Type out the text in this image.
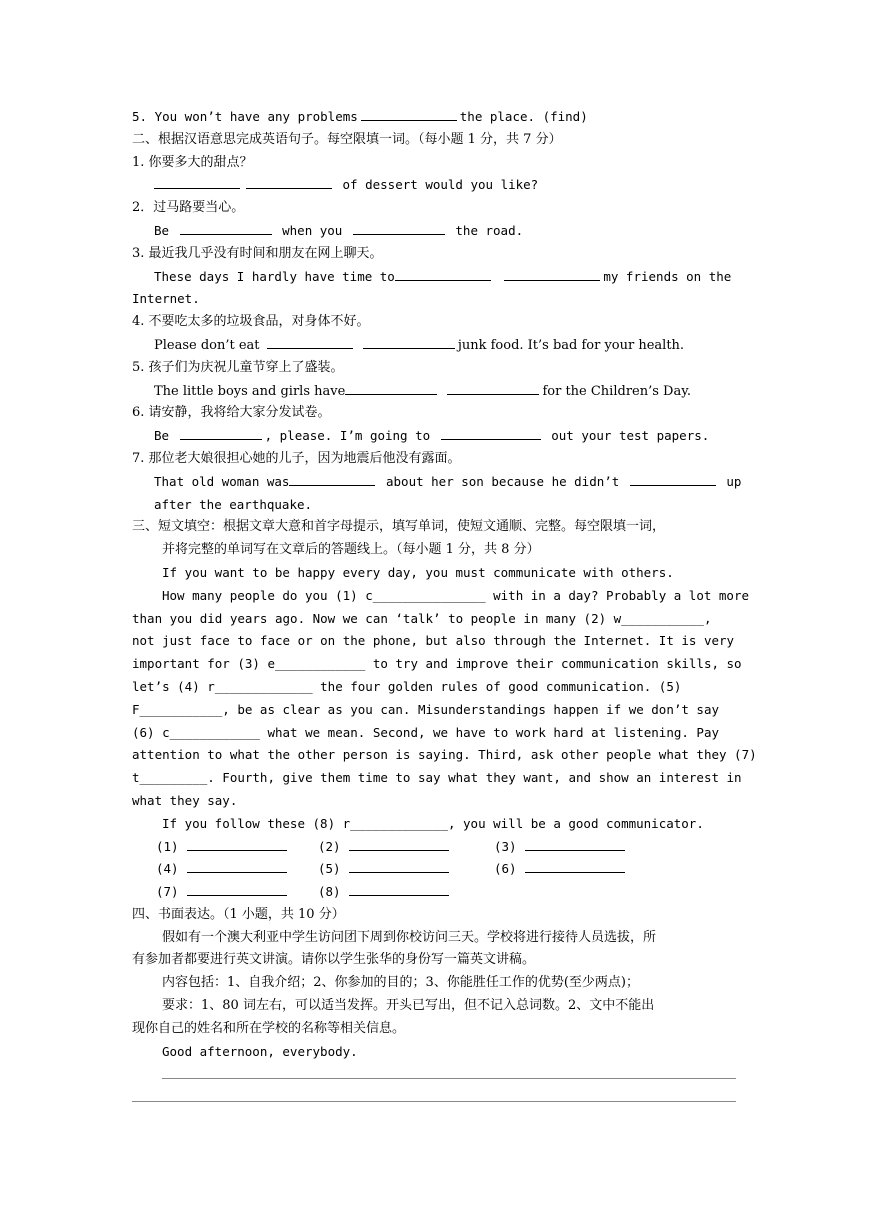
5. You won’t have any problems	the place. (find)
二、根据汉语意思完成英语句子。每空限填一词。（每小题 1 分，共 7 分）
1. 你要多大的甜点？
of dessert would you like?
2．过马路要当心。
Be	when you	the road.
3. 最近我几乎没有时间和朋友在网上聊天。
These days I hardly have time to	my friends on the
Internet.
4. 不要吃太多的垃圾食品，对身体不好。
Please don’t eat	junk food. It’s bad for your health.
5. 孩子们为庆祝儿童节穿上了盛装。
The little boys and girls have	for the Children’s Day.
6. 请安静，我将给大家分发试卷。
Be	, please. I’m going to	out your test papers.
7. 那位老大娘很担心她的儿子，因为地震后他没有露面。
That old woman was	about her son because he didn’t	up
after the earthquake.
三、短文填空：根据文章大意和首字母提示，填写单词，使短文通顺、完整。每空限填一词，
并将完整的单词写在文章后的答题线上。（每小题 1 分，共 8 分）
If you want to be happy every day, you must communicate with others.
How many people do you (1) c_______________ with in a day? Probably a lot more
than you did years ago. Now we can ‘talk’ to people in many (2) w___________,
not just face to face or on the phone, but also through the Internet. It is very
important for (3) e____________ to try and improve their communication skills, so
let’s (4) r_____________ the four golden rules of good communication. (5)
F___________, be as clear as you can. Misunderstandings happen if we don’t say
(6) c____________ what we mean. Second, we have to work hard at listening. Pay
attention to what the other person is saying. Third, ask other people what they (7)
t_________. Fourth, give them time to say what they want, and show an interest in
what they say.
If you follow these (8) r_____________, you will be a good communicator.
(1)	(2)	(3)
(4)	(5)	(6)
(7)	(8)
四、书面表达。（1 小题，共 10 分）
假如有一个澳大利亚中学生访问团下周到你校访问三天。学校将进行接待人员选拔，所
有参加者都要进行英文讲演。请你以学生张华的身份写一篇英文讲稿。
内容包括：1、自我介绍；2、你参加的目的；3、你能胜任工作的优势(至少两点)；
要求：1、80 词左右，可以适当发挥。开头已写出，但不记入总词数。2、文中不能出
现你自己的姓名和所在学校的名称等相关信息。
Good afternoon, everybody.
